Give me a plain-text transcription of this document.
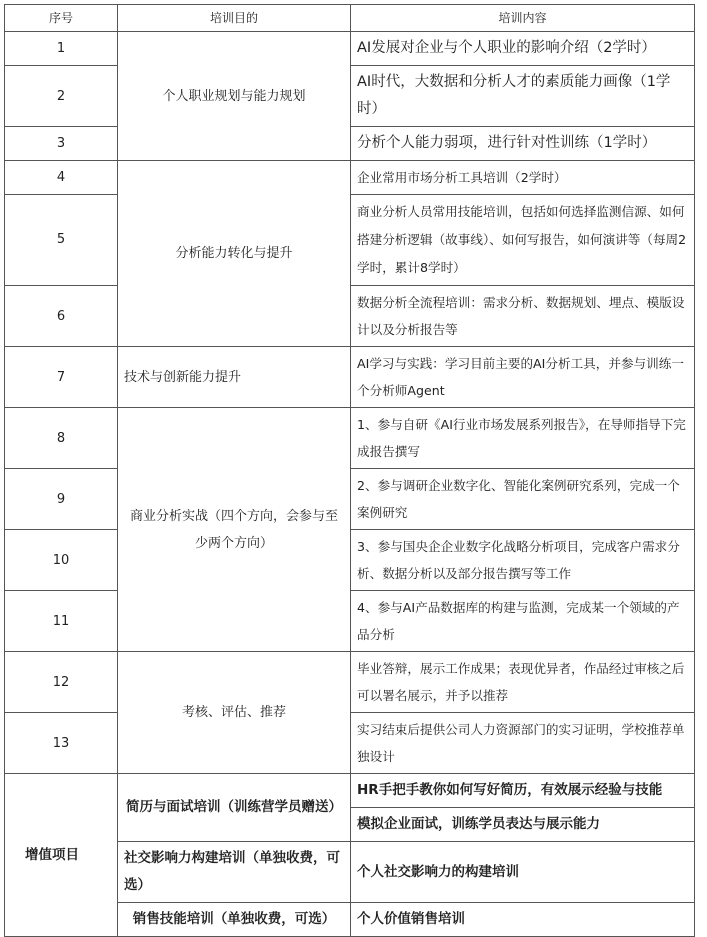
序号	培训目的	培训内容
1	个人职业规划与能力规划	AI发展对企业与个人职业的影响介绍（2学时）
2		AI时代，大数据和分析人才的素质能力画像（1学时）
3		分析个人能力弱项，进行针对性训练（1学时）
4	分析能力转化与提升	企业常用市场分析工具培训（2学时）
5		商业分析人员常用技能培训，包括如何选择监测信源、如何搭建分析逻辑（故事线）、如何写报告，如何演讲等（每周2学时，累计8学时）
6		数据分析全流程培训：需求分析、数据规划、埋点、模版设计以及分析报告等
7	技术与创新能力提升	AI学习与实践：学习目前主要的AI分析工具，并参与训练一个分析师Agent
8	商业分析实战（四个方向，会参与至少两个方向）	1、参与自研《AI行业市场发展系列报告》，在导师指导下完成报告撰写
9		2、参与调研企业数字化、智能化案例研究系列，完成一个案例研究
10		3、参与国央企企业数字化战略分析项目，完成客户需求分析、数据分析以及部分报告撰写等工作
11		4、参与AI产品数据库的构建与监测，完成某一个领域的产品分析
12	考核、评估、推荐	毕业答辩，展示工作成果；表现优异者，作品经过审核之后可以署名展示，并予以推荐
13		实习结束后提供公司人力资源部门的实习证明，学校推荐单独设计
增值项目	简历与面试培训（训练营学员赠送）	HR手把手教你如何写好简历，有效展示经验与技能
		模拟企业面试，训练学员表达与展示能力
	社交影响力构建培训（单独收费，可选）	个人社交影响力的构建培训
	销售技能培训（单独收费，可选）	个人价值销售培训
